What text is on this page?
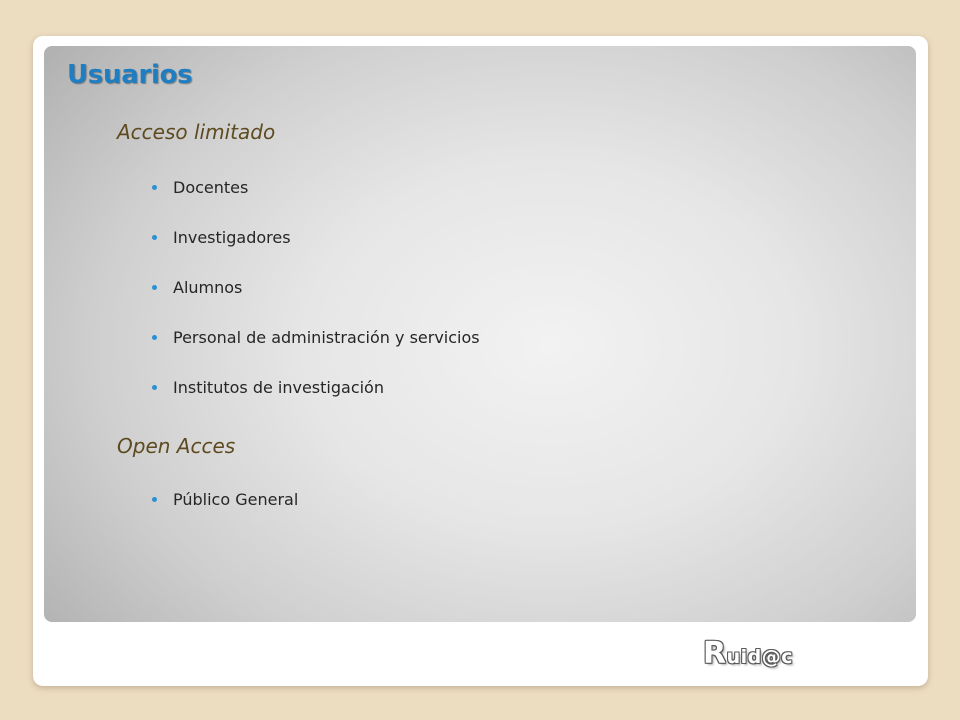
Usuarios
Acceso limitado
Docentes
Investigadores
Alumnos
Personal de administración y servicios
Institutos de investigación
Open Acces
Público General
Ruid@c
